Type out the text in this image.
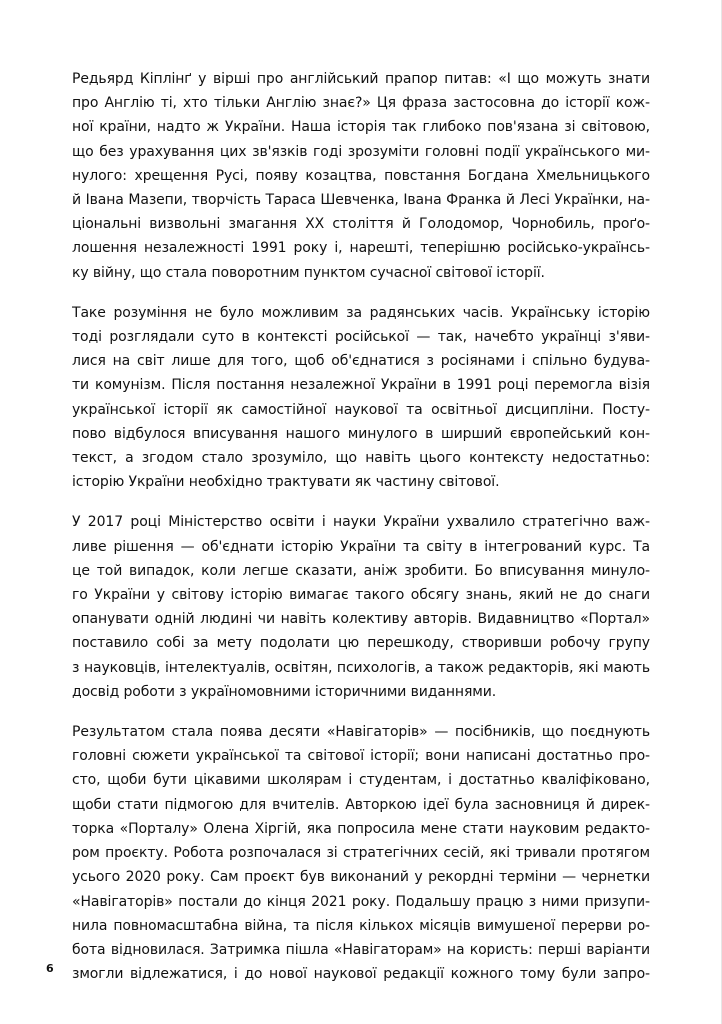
Редьярд Кіплінґ у вірші про англійський прапор питав: «І що можуть знати
про Англію ті, хто тільки Англію знає?» Ця фраза застосовна до історії кож-
ної країни, надто ж України. Наша історія так глибоко пов'язана зі світовою,
що без урахування цих зв'язків годі зрозуміти головні події українського ми-
нулого: хрещення Русі, появу козацтва, повстання Богдана Хмельницького
й Івана Мазепи, творчість Тараса Шевченка, Івана Франка й Лесі Українки, на-
ціональні визвольні змагання XX століття й Голодомор, Чорнобиль, проґо-
лошення незалежності 1991 року і, нарешті, теперішню російсько-українсь-
ку війну, що стала поворотним пунктом сучасної світової історії.

Таке розуміння не було можливим за радянських часів. Українську історію
тоді розглядали суто в контексті російської — так, начебто українці з'яви-
лися на світ лише для того, щоб об'єднатися з росіянами і спільно будува-
ти комунізм. Після постання незалежної України в 1991 році перемогла візія
української історії як самостійної наукової та освітньої дисципліни. Посту-
пово відбулося вписування нашого минулого в ширший європейський кон-
текст, а згодом стало зрозуміло, що навіть цього контексту недостатньо:
історію України необхідно трактувати як частину світової.

У 2017 році Міністерство освіти і науки України ухвалило стратегічно важ-
ливе рішення — об'єднати історію України та світу в інтегрований курс. Та
це той випадок, коли легше сказати, аніж зробити. Бо вписування минуло-
го України у світову історію вимагає такого обсягу знань, який не до снаги
опанувати одній людині чи навіть колективу авторів. Видавництво «Портал»
поставило собі за мету подолати цю перешкоду, створивши робочу групу
з науковців, інтелектуалів, освітян, психологів, а також редакторів, які мають
досвід роботи з україномовними історичними виданнями.

Результатом стала поява десяти «Навігаторів» — посібників, що поєднують
головні сюжети української та світової історії; вони написані достатньо про-
сто, щоби бути цікавими школярам і студентам, і достатньо кваліфіковано,
щоби стати підмогою для вчителів. Авторкою ідеї була засновниця й дирек-
торка «Порталу» Олена Хіргій, яка попросила мене стати науковим редакто-
ром проєкту. Робота розпочалася зі стратегічних сесій, які тривали протягом
усього 2020 року. Сам проєкт був виконаний у рекордні терміни — чернетки
«Навігаторів» постали до кінця 2021 року. Подальшу працю з ними призупи-
нила повномасштабна війна, та після кількох місяців вимушеної перерви ро-
бота відновилася. Затримка пішла «Навігаторам» на користь: перші варіанти
змогли відлежатися, і до нової наукової редакції кожного тому були запро-

6
